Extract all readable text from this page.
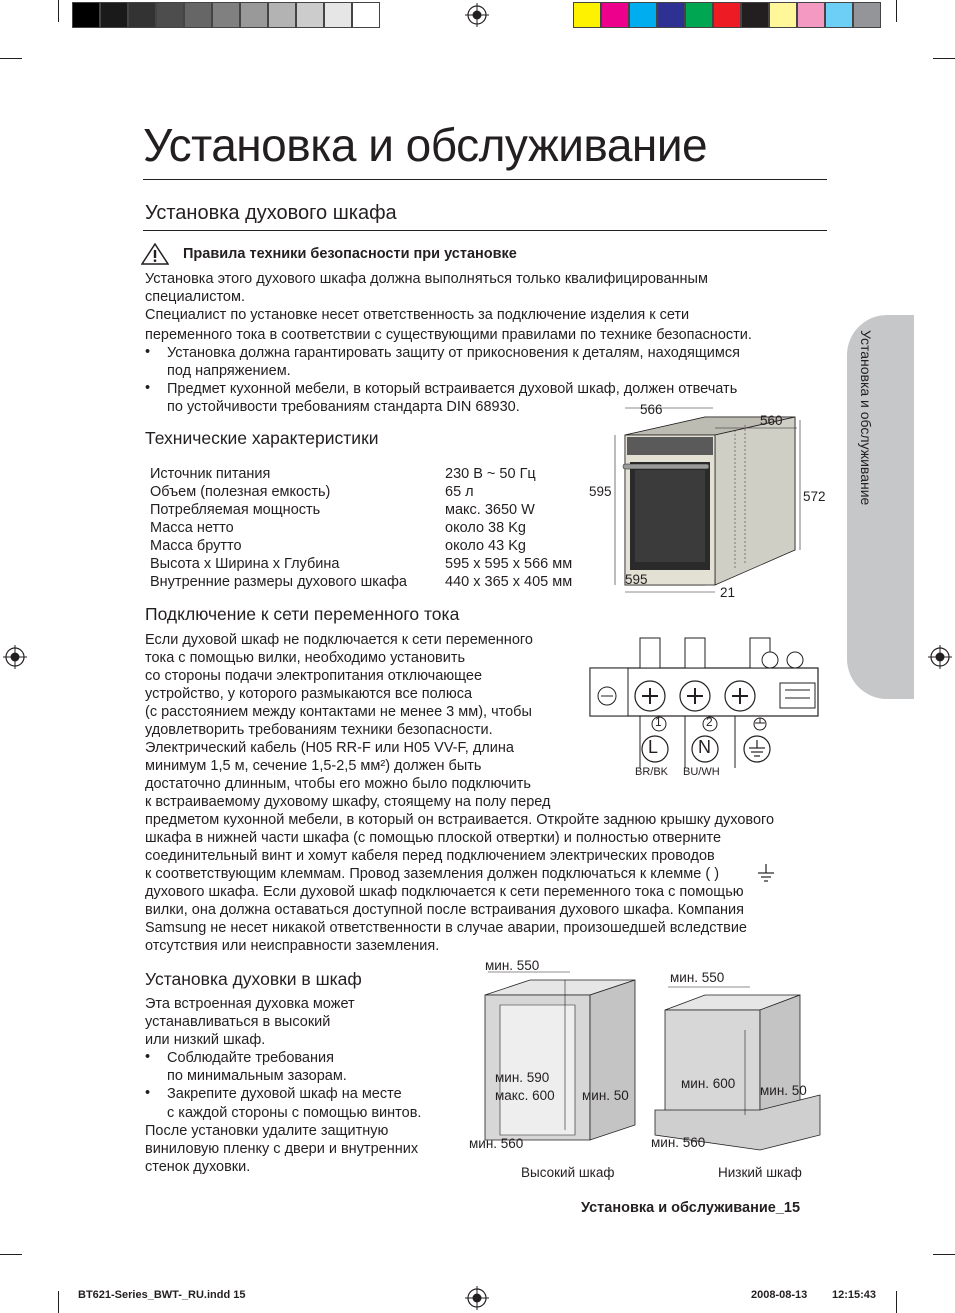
Установка и обслуживание
Установка духового шкафа
Правила техники безопасности при установке
Установка этого духового шкафа должна выполняться только квалифицированным
специалистом.
Специалист по установке несет ответственность за подключение изделия к сети
переменного тока в соответствии с существующими правилами по технике безопасности.
• Установка должна гарантировать защиту от прикосновения к деталям, находящимся
под напряжением.
• Предмет кухонной мебели, в который встраивается духовой шкаф, должен отвечать
по устойчивости требованиям стандарта DIN 68930.
Технические характеристики
Источник питания	230 В ~ 50 Гц
Объем (полезная емкость)	65 л
Потребляемая мощность	макс. 3650 W
Масса нетто	около 38 Kg
Масса брутто	около 43 Kg
Высота х Ширина х Глубина	595 x 595 x 566 мм
Внутренние размеры духового шкафа	440 x 365 x 405 мм
566
560
595	572
595
21
Подключение к сети переменного тока
Если духовой шкаф не подключается к сети переменного
тока с помощью вилки, необходимо установить
со стороны подачи электропитания отключающее
устройство, у которого размыкаются все полюса
(с расстоянием между контактами не менее 3 мм), чтобы
удовлетворить требованиям техники безопасности.
Электрический кабель (H05 RR-F или H05 VV-F, длина
минимум 1,5 м, сечение 1,5-2,5 мм²) должен быть
достаточно длинным, чтобы его можно было подключить
к встраиваемому духовому шкафу, стоящему на полу перед
предметом кухонной мебели, в который он встраивается. Откройте заднюю крышку духового
шкафа в нижней части шкафа (с помощью плоской отвертки) и полностью отверните
соединительный винт и хомут кабеля перед подключением электрических проводов
к соответствующим клеммам. Провод заземления должен подключаться к клемме ( )
духового шкафа. Если духовой шкаф подключается к сети переменного тока с помощью
вилки, она должна оставаться доступной после встраивания духового шкафа. Компания
Samsung не несет никакой ответственности в случае аварии, произошедшей вследствие
отсутствия или неисправности заземления.
1	2
L N
BR/BK BU/WH
Установка духовки в шкаф
Эта встроенная духовка может
устанавливаться в высокий
или низкий шкаф.
• Соблюдайте требования
по минимальным зазорам.
• Закрепите духовой шкаф на месте
с каждой стороны с помощью винтов.
После установки удалите защитную
виниловую пленку с двери и внутренних
стенок духовки.
мин. 550
мин. 590
макс. 600 мин. 50
мин. 560
Высокий шкаф
мин. 550
мин. 600 мин. 50
мин. 560
Низкий шкаф
Установка и обслуживание
Установка и обслуживание_15
BT621-Series_BWT-_RU.indd 15	2008-08-13 12:15:43
